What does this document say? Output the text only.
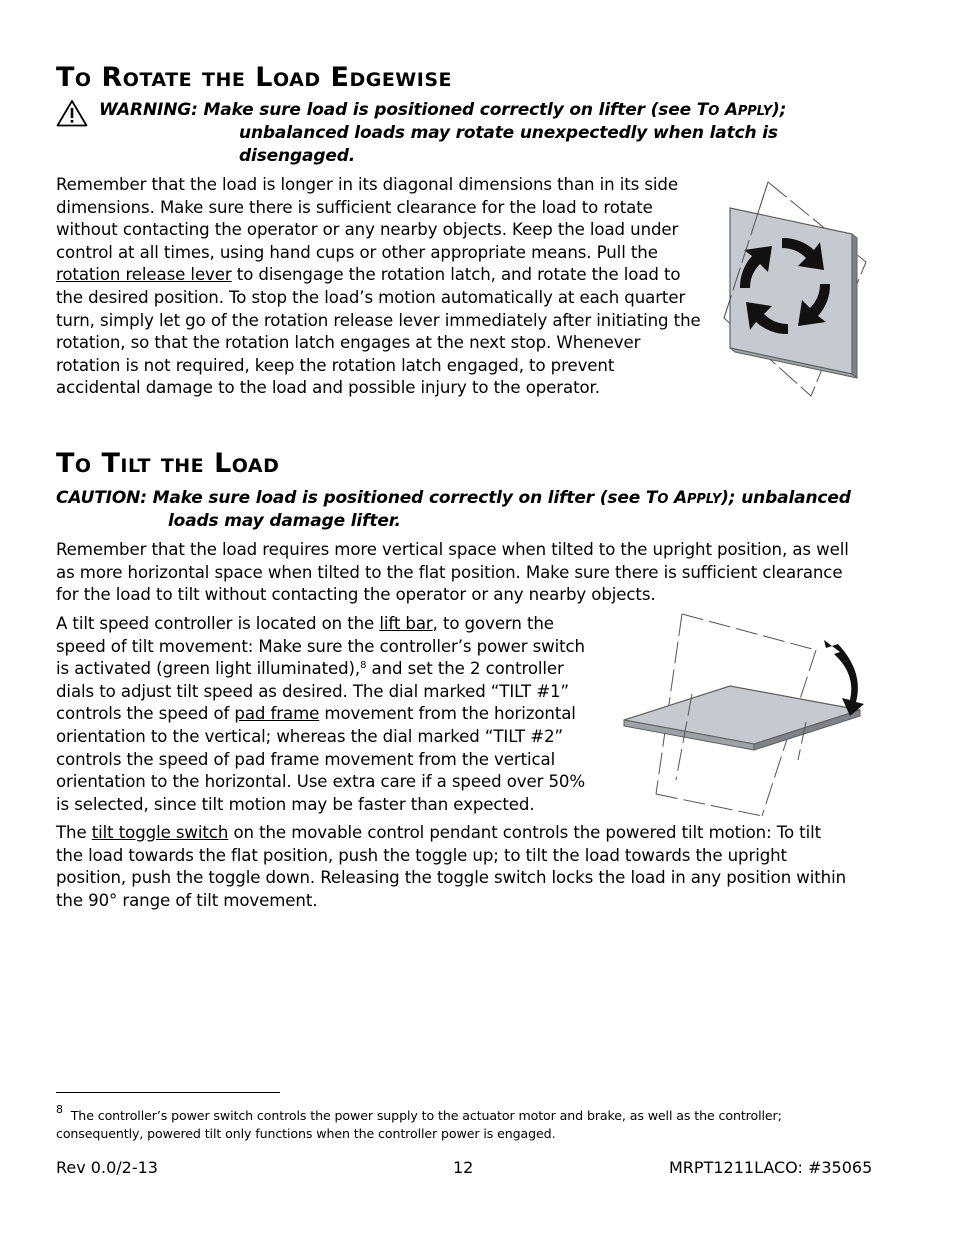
TO ROTATE THE LOAD EDGEWISE
WARNING: Make sure load is positioned correctly on lifter (see TO APPLY);
unbalanced loads may rotate unexpectedly when latch is
disengaged.
Remember that the load is longer in its diagonal dimensions than in its side
dimensions. Make sure there is sufficient clearance for the load to rotate
without contacting the operator or any nearby objects. Keep the load under
control at all times, using hand cups or other appropriate means. Pull the
rotation release lever to disengage the rotation latch, and rotate the load to
the desired position. To stop the load’s motion automatically at each quarter
turn, simply let go of the rotation release lever immediately after initiating the
rotation, so that the rotation latch engages at the next stop. Whenever
rotation is not required, keep the rotation latch engaged, to prevent
accidental damage to the load and possible injury to the operator.
TO TILT THE LOAD
CAUTION: Make sure load is positioned correctly on lifter (see TO APPLY); unbalanced
loads may damage lifter.
Remember that the load requires more vertical space when tilted to the upright position, as well
as more horizontal space when tilted to the flat position. Make sure there is sufficient clearance
for the load to tilt without contacting the operator or any nearby objects.
A tilt speed controller is located on the lift bar, to govern the
speed of tilt movement: Make sure the controller’s power switch
is activated (green light illuminated),$^8$ and set the 2 controller
dials to adjust tilt speed as desired. The dial marked “TILT #1”
controls the speed of pad frame movement from the horizontal
orientation to the vertical; whereas the dial marked “TILT #2”
controls the speed of pad frame movement from the vertical
orientation to the horizontal. Use extra care if a speed over 50%
is selected, since tilt motion may be faster than expected.
The tilt toggle switch on the movable control pendant controls the powered tilt motion: To tilt
the load towards the flat position, push the toggle up; to tilt the load towards the upright
position, push the toggle down. Releasing the toggle switch locks the load in any position within
the 90° range of tilt movement.
$^8$ The controller’s power switch controls the power supply to the actuator motor and brake, as well as the controller;
consequently, powered tilt only functions when the controller power is engaged.
Rev 0.0/2-13	12	MRPT1211LACO: #35065
